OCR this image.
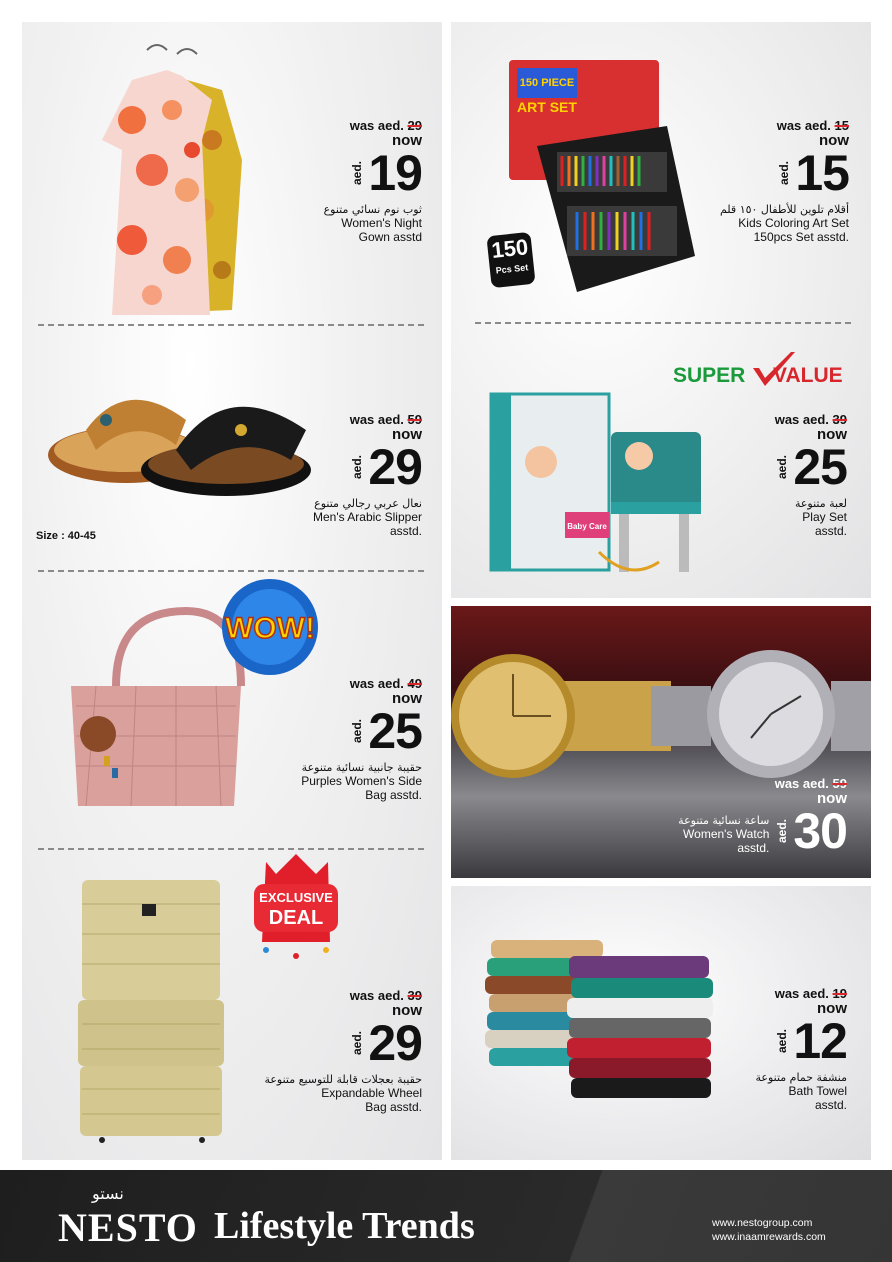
was aed. 29
now
aed. 19
ثوب نوم نسائي متنوع
Women's Night
Gown asstd
was aed. 59
now
aed. 29
نعال عربي رجالي متنوع
Men's Arabic Slipper
asstd.
Size : 40-45
WOW!
was aed. 49
now
aed. 25
حقيبة جانبية نسائية متنوعة
Purples Women's Side
Bag asstd.
EXCLUSIVE
DEAL
was aed. 39
now
aed. 29
حقيبة بعجلات قابلة للتوسيع متنوعة
Expandable Wheel
Bag asstd.
150 PIECE
ART SET
150
Pcs Set
was aed. 15
now
aed. 15
أقلام تلوين للأطفال ١٥٠ قلم
Kids Coloring Art Set
150pcs Set asstd.
SUPER VALUE
Baby Care
was aed. 39
now
aed. 25
لعبة متنوعة
Play Set
asstd.
was aed. 59
now
ساعة نسائية متنوعة
Women's Watch
asstd.
aed. 30
was aed. 19
now
aed. 12
منشفة حمام متنوعة
Bath Towel
asstd.
نستو
NESTO Lifestyle Trends	www.nestogroup.com
www.inaamrewards.com
